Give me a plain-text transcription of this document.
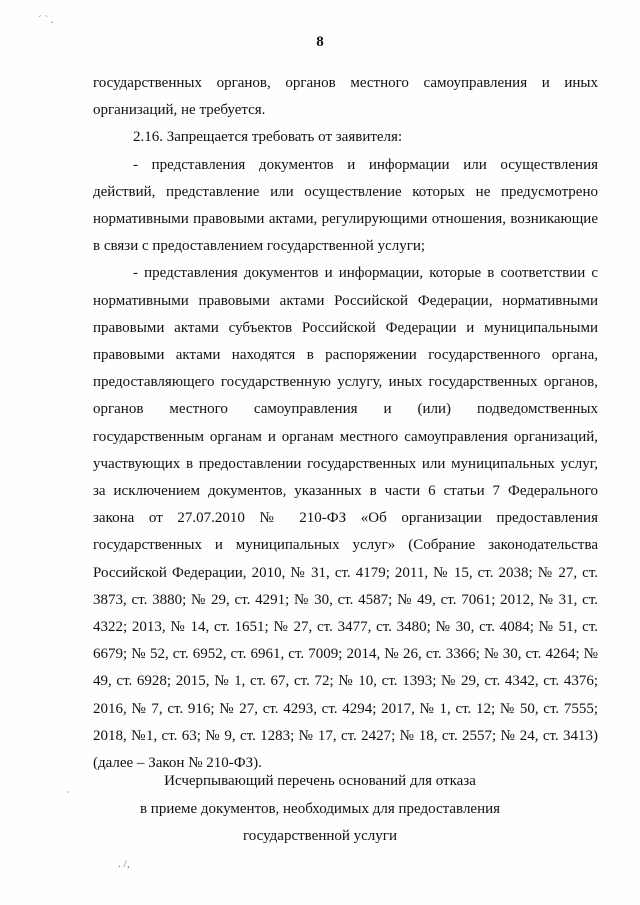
´ ` .
´
. /‚
8

государственных органов, органов местного самоуправления и иных организаций, не требуется.

2.16. Запрещается требовать от заявителя:

- представления документов и информации или осуществления действий, представление или осуществление которых не предусмотрено нормативными правовыми актами, регулирующими отношения, возникающие в связи с предоставлением государственной услуги;

- представления документов и информации, которые в соответствии с нормативными правовыми актами Российской Федерации, нормативными правовыми актами субъектов Российской Федерации и муниципальными правовыми актами находятся в распоряжении государственного органа, предоставляющего государственную услугу, иных государственных органов, органов местного самоуправления и (или) подведомственных государственным органам и органам местного самоуправления организаций, участвующих в предоставлении государственных или муниципальных услуг, за исключением документов, указанных в части 6 статьи 7 Федерального закона от 27.07.2010 № 210-ФЗ «Об организации предоставления государственных и муниципальных услуг» (Собрание законодательства Российской Федерации, 2010, № 31, ст. 4179; 2011, № 15, ст. 2038; № 27, ст. 3873, ст. 3880; № 29, ст. 4291; № 30, ст. 4587; № 49, ст. 7061; 2012, № 31, ст. 4322; 2013, № 14, ст. 1651; № 27, ст. 3477, ст. 3480; № 30, ст. 4084; № 51, ст. 6679; № 52, ст. 6952, ст. 6961, ст. 7009; 2014, № 26, ст. 3366; № 30, ст. 4264; № 49, ст. 6928; 2015, № 1, ст. 67, ст. 72; № 10, ст. 1393; № 29, ст. 4342, ст. 4376; 2016, № 7, ст. 916; № 27, ст. 4293, ст. 4294; 2017, № 1, ст. 12; № 50, ст. 7555; 2018, №1, ст. 63; № 9, ст. 1283; № 17, ст. 2427; № 18, ст. 2557; № 24, ст. 3413) (далее – Закон № 210-ФЗ).

Исчерпывающий перечень оснований для отказа
в приеме документов, необходимых для предоставления
государственной услуги
